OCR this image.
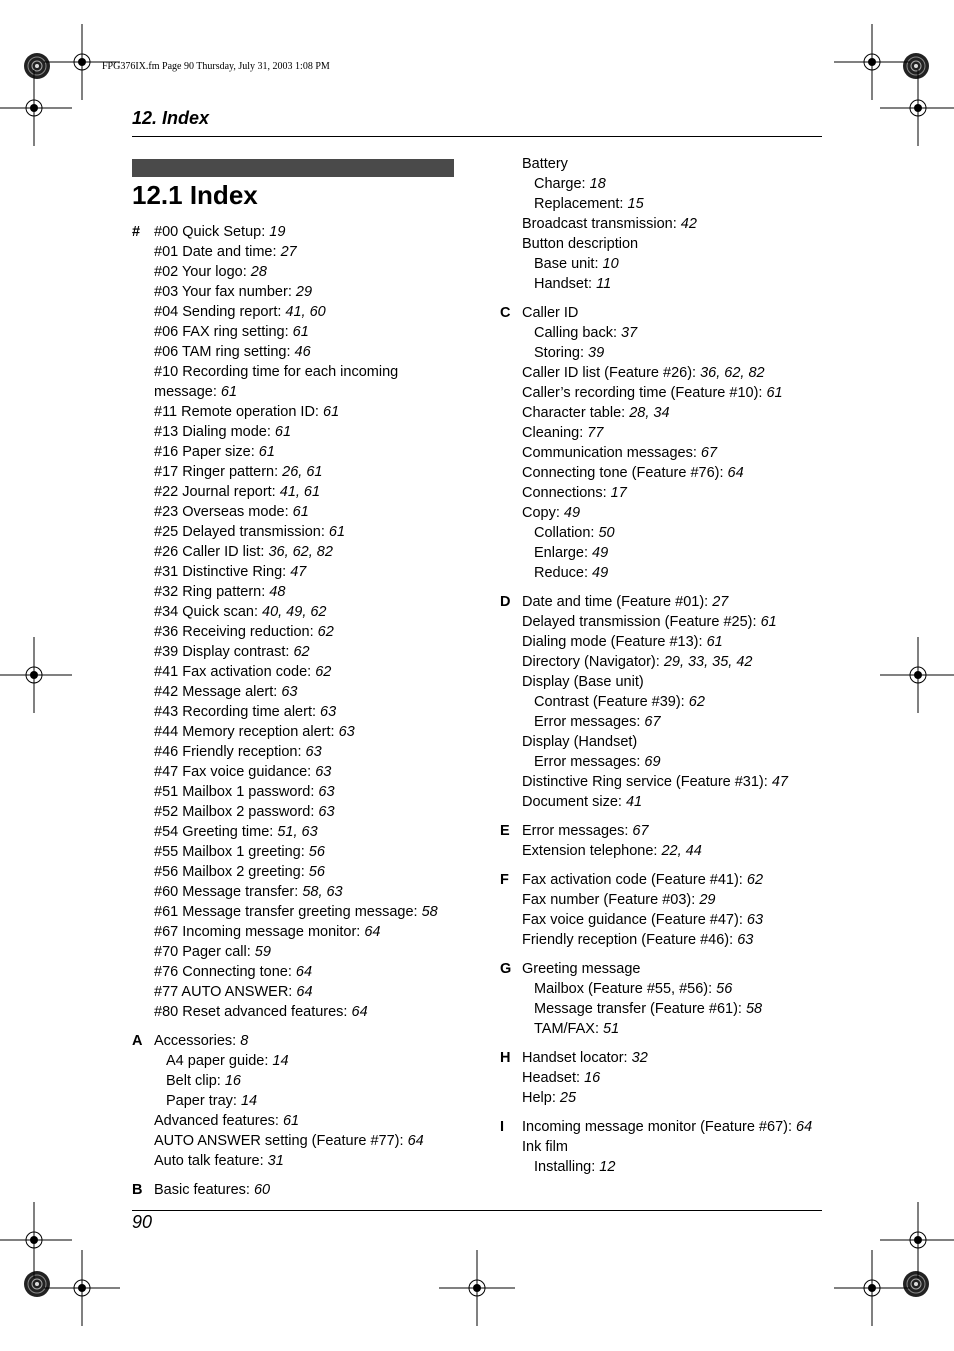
FPG376IX.fm Page 90 Thursday, July 31, 2003 1:08 PM
12. Index
12.1 Index
# #00 Quick Setup: 19
#01 Date and time: 27
#02 Your logo: 28
#03 Your fax number: 29
#04 Sending report: 41, 60
#06 FAX ring setting: 61
#06 TAM ring setting: 46
#10 Recording time for each incoming
message: 61
#11 Remote operation ID: 61
#13 Dialing mode: 61
#16 Paper size: 61
#17 Ringer pattern: 26, 61
#22 Journal report: 41, 61
#23 Overseas mode: 61
#25 Delayed transmission: 61
#26 Caller ID list: 36, 62, 82
#31 Distinctive Ring: 47
#32 Ring pattern: 48
#34 Quick scan: 40, 49, 62
#36 Receiving reduction: 62
#39 Display contrast: 62
#41 Fax activation code: 62
#42 Message alert: 63
#43 Recording time alert: 63
#44 Memory reception alert: 63
#46 Friendly reception: 63
#47 Fax voice guidance: 63
#51 Mailbox 1 password: 63
#52 Mailbox 2 password: 63
#54 Greeting time: 51, 63
#55 Mailbox 1 greeting: 56
#56 Mailbox 2 greeting: 56
#60 Message transfer: 58, 63
#61 Message transfer greeting message: 58
#67 Incoming message monitor: 64
#70 Pager call: 59
#76 Connecting tone: 64
#77 AUTO ANSWER: 64
#80 Reset advanced features: 64
A Accessories: 8
A4 paper guide: 14
Belt clip: 16
Paper tray: 14
Advanced features: 61
AUTO ANSWER setting (Feature #77): 64
Auto talk feature: 31
B Basic features: 60
Battery
Charge: 18
Replacement: 15
Broadcast transmission: 42
Button description
Base unit: 10
Handset: 11
C Caller ID
Calling back: 37
Storing: 39
Caller ID list (Feature #26): 36, 62, 82
Caller’s recording time (Feature #10): 61
Character table: 28, 34
Cleaning: 77
Communication messages: 67
Connecting tone (Feature #76): 64
Connections: 17
Copy: 49
Collation: 50
Enlarge: 49
Reduce: 49
D Date and time (Feature #01): 27
Delayed transmission (Feature #25): 61
Dialing mode (Feature #13): 61
Directory (Navigator): 29, 33, 35, 42
Display (Base unit)
Contrast (Feature #39): 62
Error messages: 67
Display (Handset)
Error messages: 69
Distinctive Ring service (Feature #31): 47
Document size: 41
E Error messages: 67
Extension telephone: 22, 44
F Fax activation code (Feature #41): 62
Fax number (Feature #03): 29
Fax voice guidance (Feature #47): 63
Friendly reception (Feature #46): 63
G Greeting message
Mailbox (Feature #55, #56): 56
Message transfer (Feature #61): 58
TAM/FAX: 51
H Handset locator: 32
Headset: 16
Help: 25
I	Incoming message monitor (Feature #67): 64
Ink film
Installing: 12
90
